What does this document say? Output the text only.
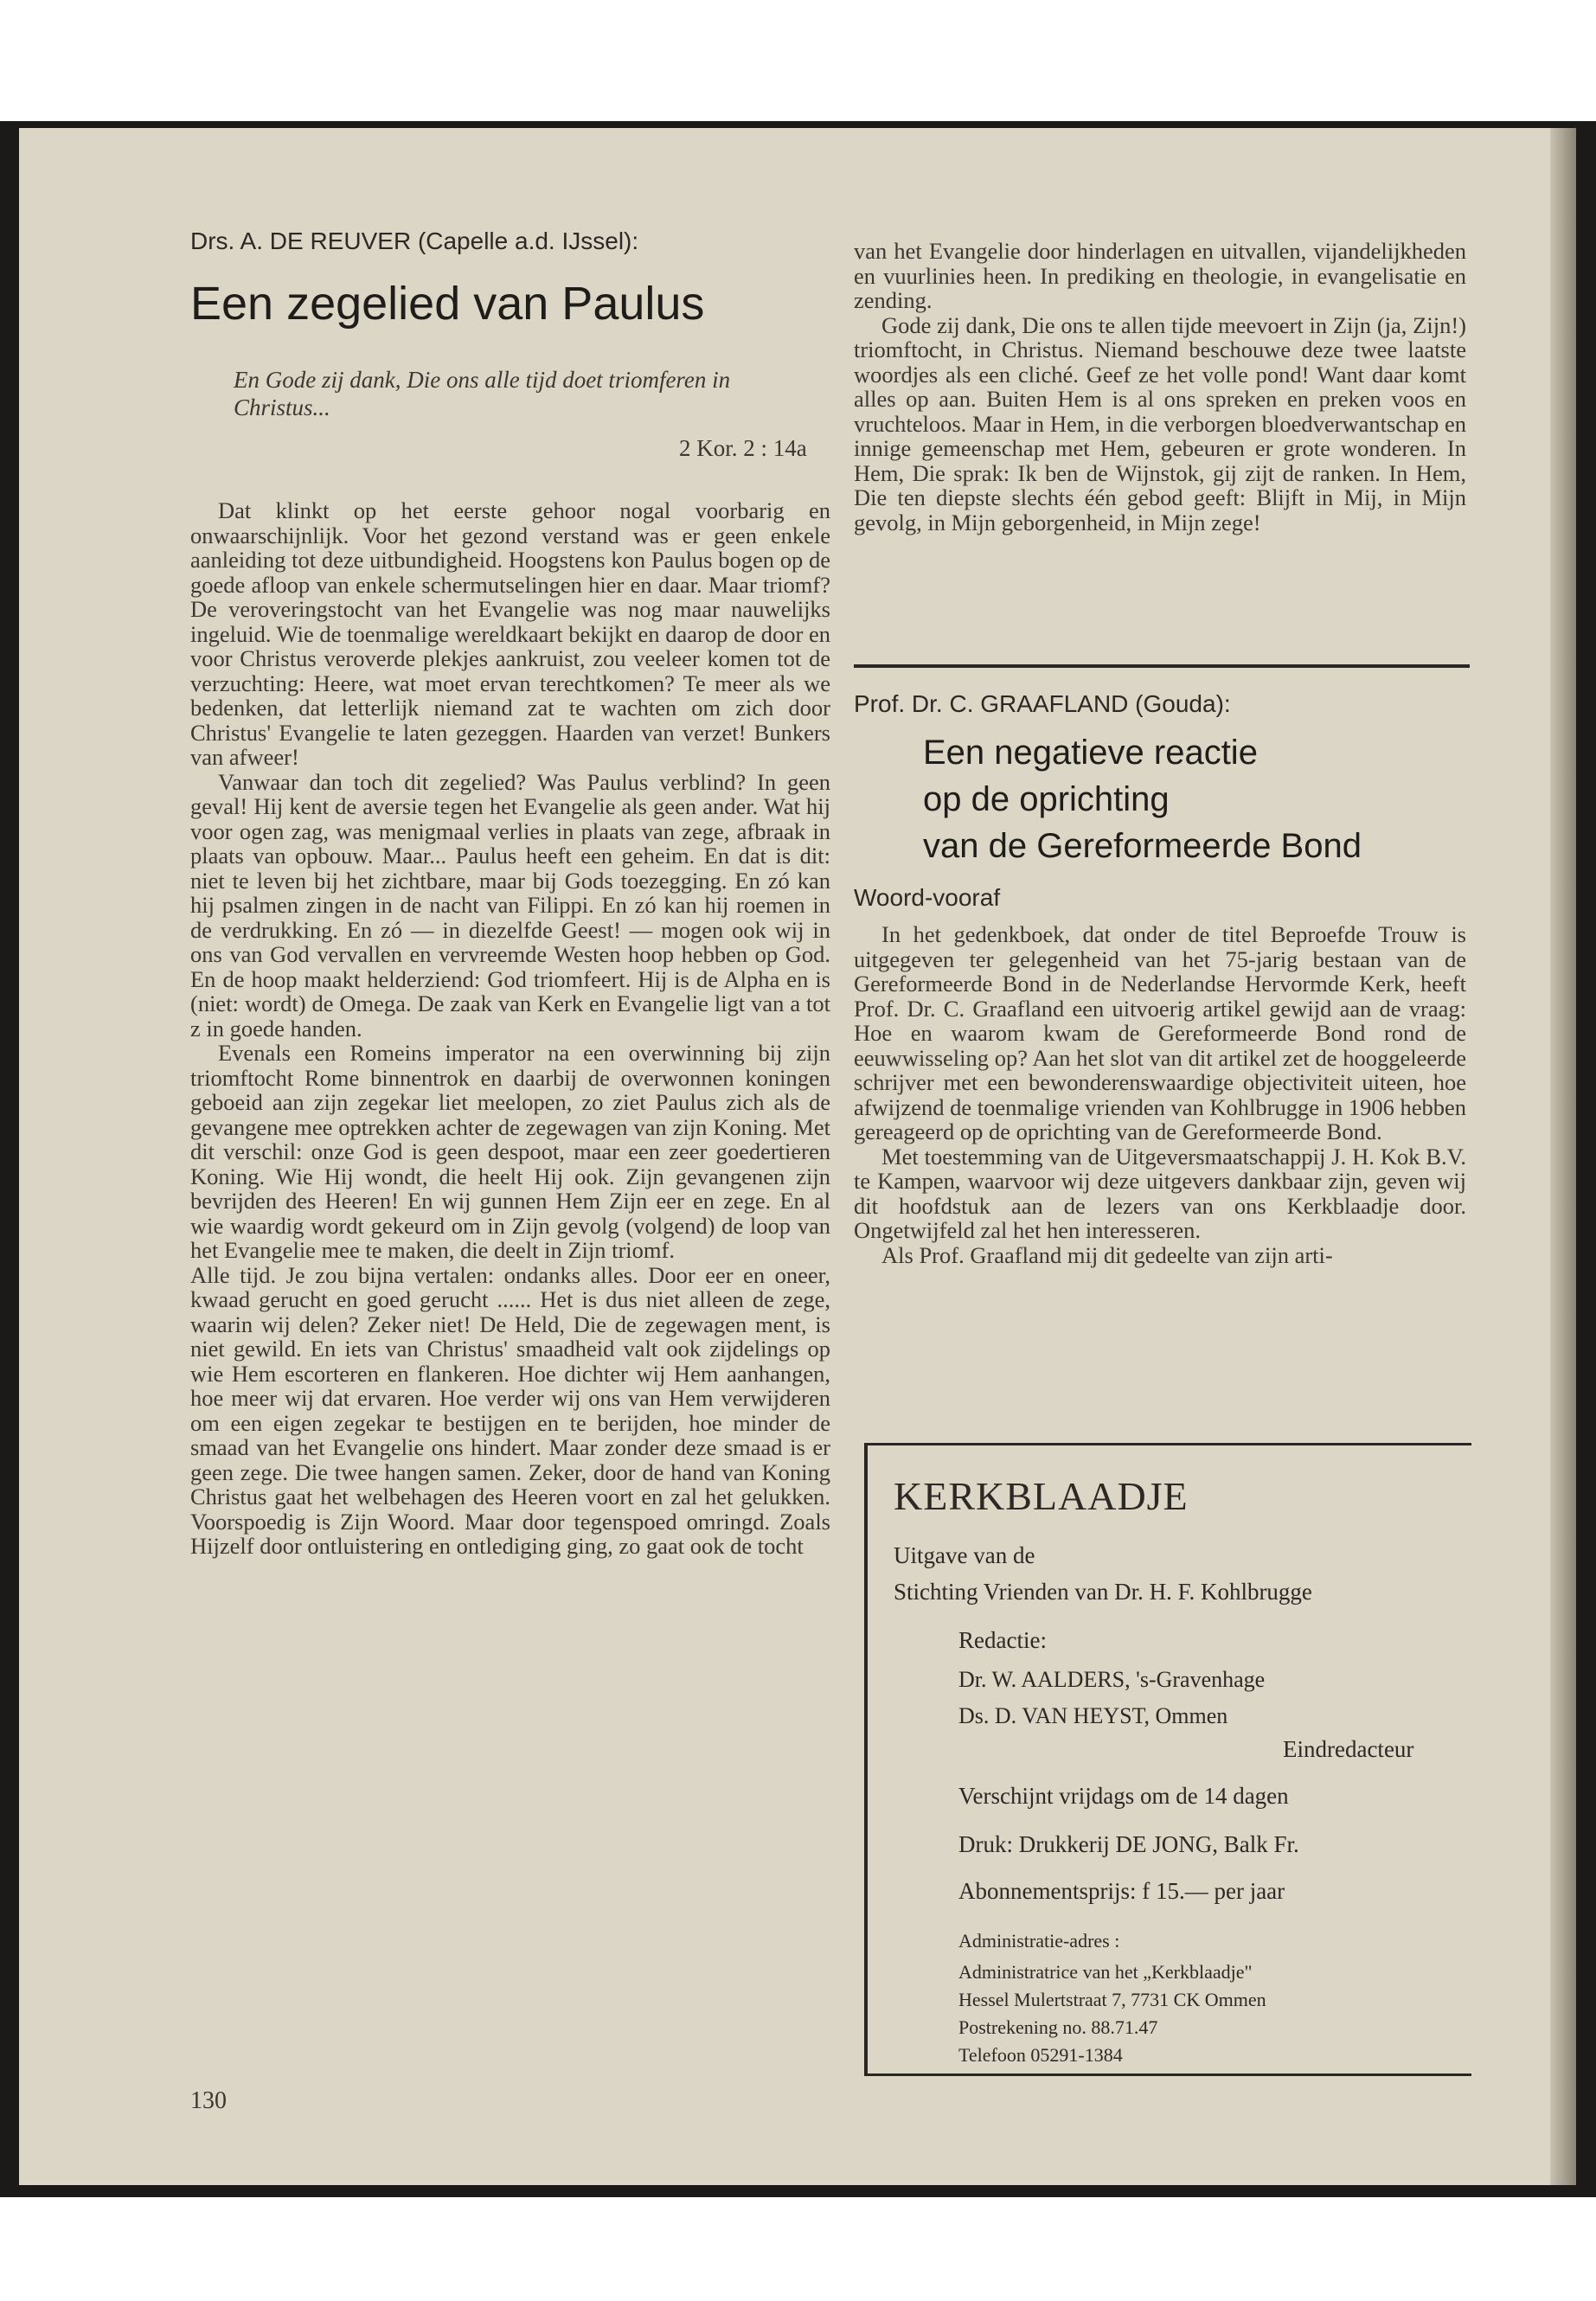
Drs. A. DE REUVER (Capelle a.d. IJssel):
Een zegelied van Paulus
En Gode zij dank, Die ons alle tijd doet triomferen in Christus...
2 Kor. 2 : 14a

Dat klinkt op het eerste gehoor nogal voorbarig en onwaarschijnlijk. Voor het gezond verstand was er geen enkele aanleiding tot deze uitbundigheid. Hoogstens kon Paulus bogen op de goede afloop van enkele schermutselingen hier en daar. Maar triomf? De veroveringstocht van het Evangelie was nog maar nauwelijks ingeluid. Wie de toenmalige wereldkaart bekijkt en daarop de door en voor Christus veroverde plekjes aankruist, zou veeleer komen tot de verzuchting: Heere, wat moet ervan terechtkomen? Te meer als we bedenken, dat letterlijk niemand zat te wachten om zich door Christus' Evangelie te laten gezeggen. Haarden van verzet! Bunkers van afweer!

Vanwaar dan toch dit zegelied? Was Paulus verblind? In geen geval! Hij kent de aversie tegen het Evangelie als geen ander. Wat hij voor ogen zag, was menigmaal verlies in plaats van zege, afbraak in plaats van opbouw. Maar... Paulus heeft een geheim. En dat is dit: niet te leven bij het zichtbare, maar bij Gods toezegging. En zó kan hij psalmen zingen in de nacht van Filippi. En zó kan hij roemen in de verdrukking. En zó — in diezelfde Geest! — mogen ook wij in ons van God vervallen en vervreemde Westen hoop hebben op God. En de hoop maakt helderziend: God triomfeert. Hij is de Alpha en is (niet: wordt) de Omega. De zaak van Kerk en Evangelie ligt van a tot z in goede handen.

Evenals een Romeins imperator na een overwinning bij zijn triomftocht Rome binnentrok en daarbij de overwonnen koningen geboeid aan zijn zegekar liet meelopen, zo ziet Paulus zich als de gevangene mee optrekken achter de zegewagen van zijn Koning. Met dit verschil: onze God is geen despoot, maar een zeer goedertieren Koning. Wie Hij wondt, die heelt Hij ook. Zijn gevangenen zijn bevrijden des Heeren! En wij gunnen Hem Zijn eer en zege. En al wie waardig wordt gekeurd om in Zijn gevolg (volgend) de loop van het Evangelie mee te maken, die deelt in Zijn triomf.

Alle tijd. Je zou bijna vertalen: ondanks alles. Door eer en oneer, kwaad gerucht en goed gerucht ...... Het is dus niet alleen de zege, waarin wij delen? Zeker niet! De Held, Die de zegewagen ment, is niet gewild. En iets van Christus' smaadheid valt ook zijdelings op wie Hem escorteren en flankeren. Hoe dichter wij Hem aanhangen, hoe meer wij dat ervaren. Hoe verder wij ons van Hem verwijderen om een eigen zegekar te bestijgen en te berijden, hoe minder de smaad van het Evangelie ons hindert. Maar zonder deze smaad is er geen zege. Die twee hangen samen. Zeker, door de hand van Koning Christus gaat het welbehagen des Heeren voort en zal het gelukken. Voorspoedig is Zijn Woord. Maar door tegenspoed omringd. Zoals Hijzelf door ontluistering en ontlediging ging, zo gaat ook de tocht

130

van het Evangelie door hinderlagen en uitvallen, vijandelijkheden en vuurlinies heen. In prediking en theologie, in evangelisatie en zending.

Gode zij dank, Die ons te allen tijde meevoert in Zijn (ja, Zijn!) triomftocht, in Christus. Niemand beschouwe deze twee laatste woordjes als een cliché. Geef ze het volle pond! Want daar komt alles op aan. Buiten Hem is al ons spreken en preken voos en vruchteloos. Maar in Hem, in die verborgen bloedverwantschap en innige gemeenschap met Hem, gebeuren er grote wonderen. In Hem, Die sprak: Ik ben de Wijnstok, gij zijt de ranken. In Hem, Die ten diepste slechts één gebod geeft: Blijft in Mij, in Mijn gevolg, in Mijn geborgenheid, in Mijn zege!

Prof. Dr. C. GRAAFLAND (Gouda):
Een negatieve reactie
op de oprichting
van de Gereformeerde Bond
Woord-vooraf

In het gedenkboek, dat onder de titel Beproefde Trouw is uitgegeven ter gelegenheid van het 75-jarig bestaan van de Gereformeerde Bond in de Nederlandse Hervormde Kerk, heeft Prof. Dr. C. Graafland een uitvoerig artikel gewijd aan de vraag: Hoe en waarom kwam de Gereformeerde Bond rond de eeuwwisseling op? Aan het slot van dit artikel zet de hooggeleerde schrijver met een bewonderenswaardige objectiviteit uiteen, hoe afwijzend de toenmalige vrienden van Kohlbrugge in 1906 hebben gereageerd op de oprichting van de Gereformeerde Bond.

Met toestemming van de Uitgeversmaatschappij J. H. Kok B.V. te Kampen, waarvoor wij deze uitgevers dankbaar zijn, geven wij dit hoofdstuk aan de lezers van ons Kerkblaadje door. Ongetwijfeld zal het hen interesseren.

Als Prof. Graafland mij dit gedeelte van zijn arti-

KERKBLAADJE
Uitgave van de
Stichting Vrienden van Dr. H. F. Kohlbrugge
Redactie:
Dr. W. AALDERS, 's-Gravenhage
Ds. D. VAN HEYST, Ommen
Eindredacteur
Verschijnt vrijdags om de 14 dagen
Druk: Drukkerij DE JONG, Balk Fr.
Abonnementsprijs: f 15.— per jaar
Administratie-adres :
Administratrice van het „Kerkblaadje"
Hessel Mulertstraat 7, 7731 CK Ommen
Postrekening no. 88.71.47
Telefoon 05291-1384
